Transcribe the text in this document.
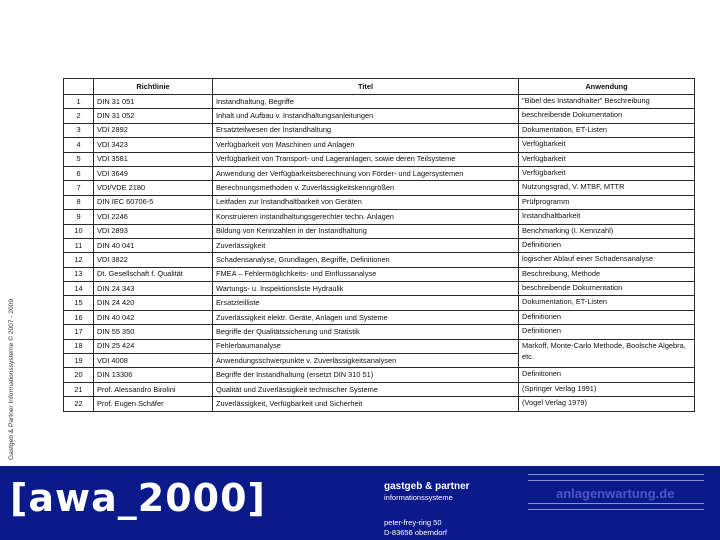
Gastgeb & Partner Informationssysteme © 2007 - 2009
	Richtlinie	Titel	Anwendung
1	DIN 31 051	Instandhaltung, Begriffe	"Bibel des Instandhalter" Beschreibung
2	DIN 31 052	Inhalt und Aufbau v. Instandhaltungsanleitungen	beschreibende Dokumentation
3	VDI 2892	Ersatzteilwesen der Instandhaltung	Dokumentation, ET-Listen
4	VDI 3423	Verfügbarkeit von Maschinen und Anlagen	Verfügbarkeit
5	VDI 3581	Verfügbarkeit von Transport- und Lageranlagen, sowie deren Teilsysteme	Verfügbarkeit
6	VDI 3649	Anwendung der Verfügbarkeitsberechnung von Förder- und Lagersystemen	Verfügbarkeit
7	VDI/VDE 2180	Berechnungsmethoden v. Zuverlässigkeitskenngrößen	Nutzungsgrad, V. MTBF, MTTR
8	DIN IEC 60706-5	Leitfaden zur Instandhaltbarkeit von Geräten	Prüfprogramm
9	VDI 2246	Konstruieren instandhaltungsgerechter techn. Anlagen	Instandhaltbarkeit
10	VDI 2893	Bildung von Kennzahlen in der Instandhaltung	Benchmarking (I. Kennzahl)
11	DIN 40 041	Zuverlässigkeit	Definitionen
12	VDI 3822	Schadensanalyse, Grundlagen, Begriffe, Definitionen	logischer Ablauf einer Schadensanalyse
13	Dt. Gesellschaft f. Qualität	FMEA – Fehlermöglichkeits- und Einflussanalyse	Beschreibung, Methode
14	DIN 24 343	Wartungs- u. Inspektionsliste Hydraulik	beschreibende Dokumentation
15	DIN 24 420	Ersatzteilliste	Dokumentation, ET-Listen
16	DIN 40 042	Zuverlässigkeit elektr. Geräte, Anlagen und Systeme	Definitionen
17	DIN 55 350	Begriffe der Qualitätssicherung und Statistik	Definitionen
18	DIN 25 424	Fehlerbaumanalyse	Markoff, Monte-Carlo Methode, Boolsche Algebra, etc.
19	VDI 4008	Anwendungsschwerpunkte v. Zuverlässigkeitsanalysen	
20	DIN 13306	Begriffe der Instandhaltung (ersetzt DIN 310 51)	Definitionen
21	Prof. Alessandro Birolini	Qualität und Zuverlässigkeit technischer Systeme	(Springer Verlag 1991)
22	Prof. Eugen Schäfer	Zuverlässigkeit, Verfügbarkeit und Sicherheit	(Vogel Verlag 1979)
[awa_2000]	gastgeb & partner
informationssysteme
peter-frey-ring 50
D-83656 oberndorf
anlagenwartung.de
